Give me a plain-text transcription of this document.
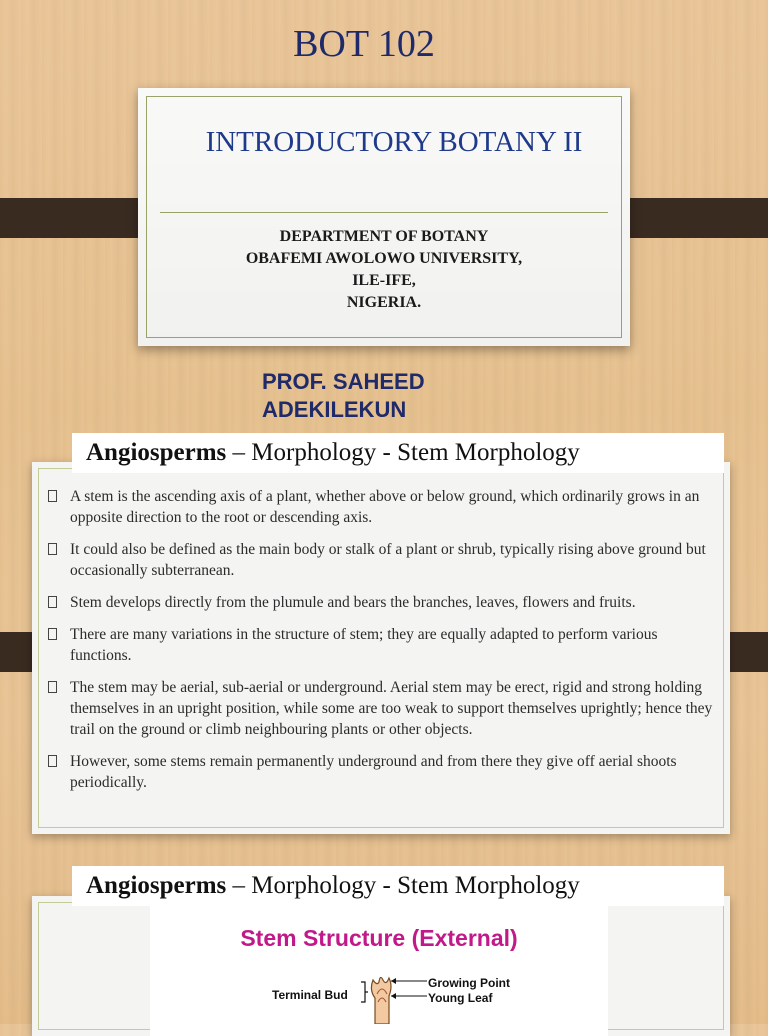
BOT 102
INTRODUCTORY BOTANY II
DEPARTMENT OF BOTANY
OBAFEMI AWOLOWO UNIVERSITY,
ILE-IFE,
NIGERIA.
PROF. SAHEED
ADEKILEKUN
Angiosperms – Morphology - Stem Morphology
A stem is the ascending axis of a plant, whether above or below ground, which ordinarily grows in an opposite direction to the root or descending axis.
It could also be defined as the main body or stalk of a plant or shrub, typically rising above ground but occasionally subterranean.
Stem develops directly from the plumule and bears the branches, leaves, flowers and fruits.
There are many variations in the structure of stem; they are equally adapted to perform various functions.
The stem may be aerial, sub-aerial or underground. Aerial stem may be erect, rigid and strong holding themselves in an upright position, while some are too weak to support themselves uprightly; hence they trail on the ground or climb neighbouring plants or other objects.
However, some stems remain permanently underground and from there they give off aerial shoots periodically.
Angiosperms – Morphology - Stem Morphology
Stem Structure (External)
Terminal Bud
Growing Point
Young Leaf
